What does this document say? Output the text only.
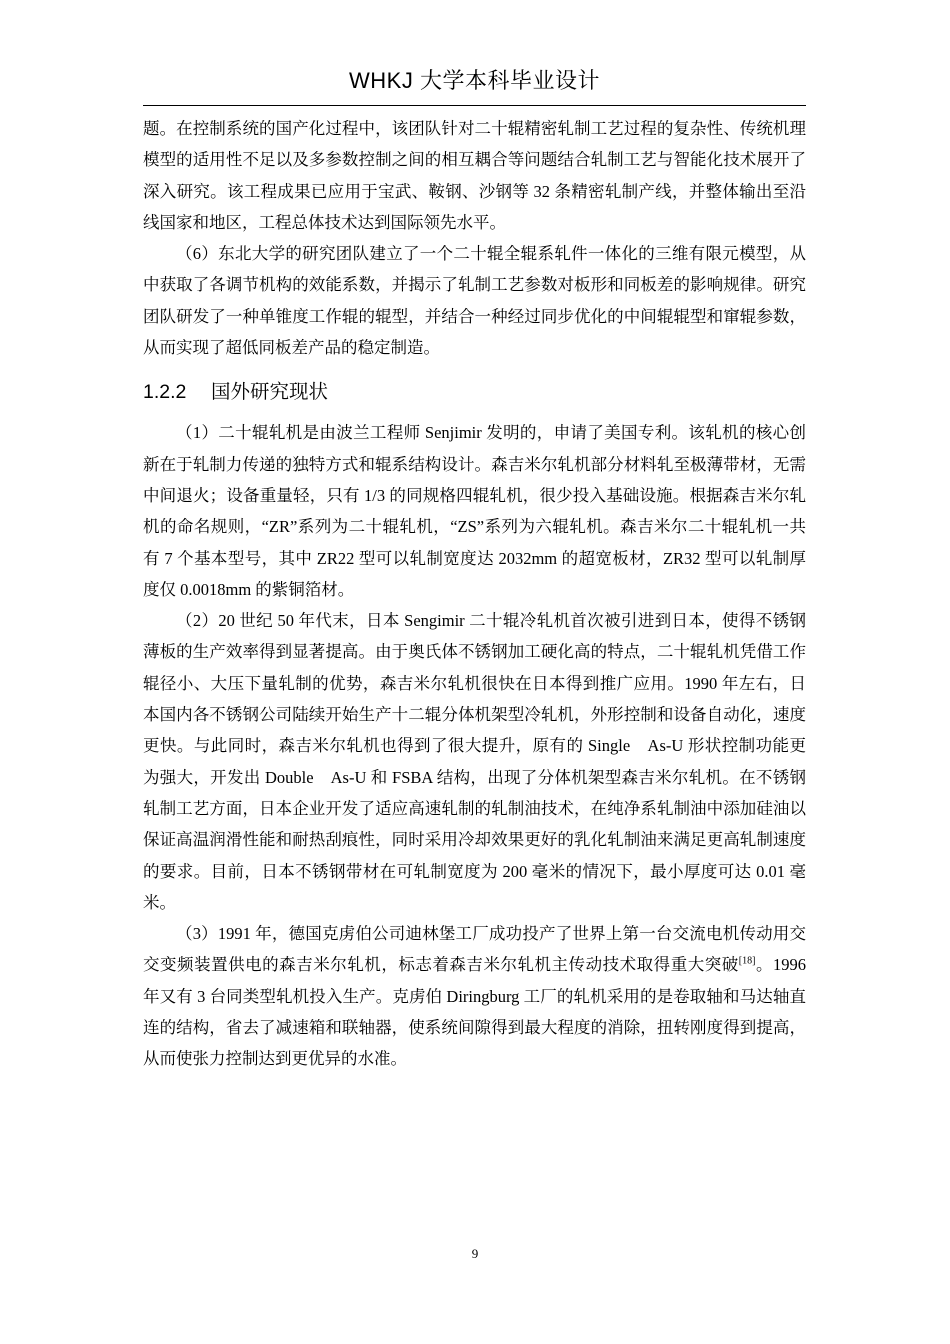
WHKJ 大学本科毕业设计

题。在控制系统的国产化过程中，该团队针对二十辊精密轧制工艺过程的复杂性、传统机理模型的适用性不足以及多参数控制之间的相互耦合等问题结合轧制工艺与智能化技术展开了深入研究。该工程成果已应用于宝武、鞍钢、沙钢等 32 条精密轧制产线，并整体输出至沿线国家和地区，工程总体技术达到国际领先水平。

（6）东北大学的研究团队建立了一个二十辊全辊系轧件一体化的三维有限元模型，从中获取了各调节机构的效能系数，并揭示了轧制工艺参数对板形和同板差的影响规律。研究团队研发了一种单锥度工作辊的辊型，并结合一种经过同步优化的中间辊辊型和窜辊参数，从而实现了超低同板差产品的稳定制造。

1.2.2 国外研究现状

（1）二十辊轧机是由波兰工程师 Senjimir 发明的，申请了美国专利。该轧机的核心创新在于轧制力传递的独特方式和辊系结构设计。森吉米尔轧机部分材料轧至极薄带材，无需中间退火；设备重量轻，只有 1/3 的同规格四辊轧机，很少投入基础设施。根据森吉米尔轧机的命名规则，“ZR”系列为二十辊轧机，“ZS”系列为六辊轧机。森吉米尔二十辊轧机一共有 7 个基本型号，其中 ZR22 型可以轧制宽度达 2032mm 的超宽板材，ZR32 型可以轧制厚度仅 0.0018mm 的紫铜箔材。

（2）20 世纪 50 年代末，日本 Sengimir 二十辊冷轧机首次被引进到日本，使得不锈钢薄板的生产效率得到显著提高。由于奥氏体不锈钢加工硬化高的特点，二十辊轧机凭借工作辊径小、大压下量轧制的优势，森吉米尔轧机很快在日本得到推广应用。1990 年左右，日本国内各不锈钢公司陆续开始生产十二辊分体机架型冷轧机，外形控制和设备自动化，速度更快。与此同时，森吉米尔轧机也得到了很大提升，原有的 Single　As-U 形状控制功能更为强大，开发出 Double　As-U 和 FSBA 结构，出现了分体机架型森吉米尔轧机。在不锈钢轧制工艺方面，日本企业开发了适应高速轧制的轧制油技术，在纯净系轧制油中添加硅油以保证高温润滑性能和耐热刮痕性，同时采用冷却效果更好的乳化轧制油来满足更高轧制速度的要求。目前，日本不锈钢带材在可轧制宽度为 200 毫米的情况下，最小厚度可达 0.01 毫米。

（3）1991 年，德国克虏伯公司迪林堡工厂成功投产了世界上第一台交流电机传动用交交变频装置供电的森吉米尔轧机，标志着森吉米尔轧机主传动技术取得重大突破[18]。1996 年又有 3 台同类型轧机投入生产。克虏伯 Diringburg 工厂的轧机采用的是卷取轴和马达轴直连的结构，省去了减速箱和联轴器，使系统间隙得到最大程度的消除，扭转刚度得到提高，从而使张力控制达到更优异的水准。

9
